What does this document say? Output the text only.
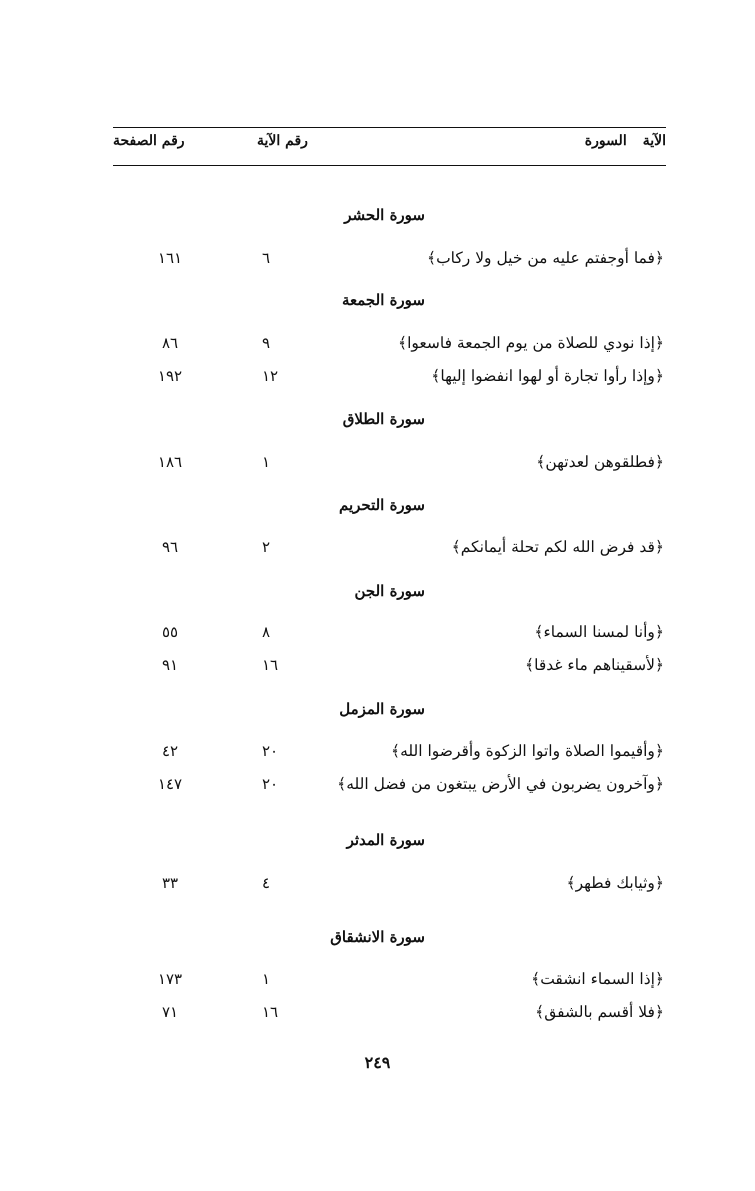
الآيةالسورة
رقم الآية
رقم الصفحة
سورة الحشر
﴿فما أوجفتم عليه من خيل ولا ركاب﴾
٦
١٦١
سورة الجمعة
﴿إذا نودي للصلاة من يوم الجمعة فاسعوا﴾
٩
٨٦
﴿وإذا رأوا تجارة أو لهوا انفضوا إليها﴾
١٢
١٩٢
سورة الطلاق
﴿فطلقوهن لعدتهن﴾
١
١٨٦
سورة التحريم
﴿قد فرض الله لكم تحلة أيمانكم﴾
٢
٩٦
سورة الجن
﴿وأنا لمسنا السماء﴾
٨
٥٥
﴿لأسقيناهم ماء غدقا﴾
١٦
٩١
سورة المزمل
﴿وأقيموا الصلاة واتوا الزكوة وأقرضوا الله﴾
٢٠
٤٢
﴿وآخرون يضربون في الأرض يبتغون من فضل الله﴾
٢٠
١٤٧
سورة المدثر
﴿وثيابك فطهر﴾
٤
٣٣
سورة الانشقاق
﴿إذا السماء انشقت﴾
١
١٧٣
﴿فلا أقسم بالشفق﴾
١٦
٧١
٢٤٩
